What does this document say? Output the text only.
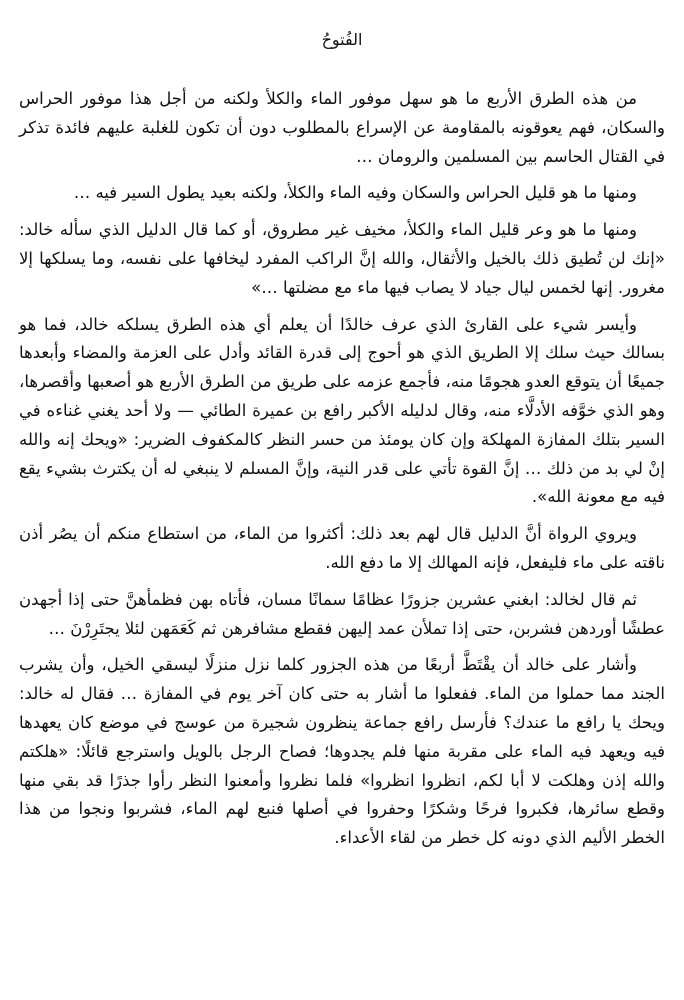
الفُتوحُ

من هذه الطرق الأربع ما هو سهل موفور الماء والكلأ ولكنه من أجل هذا موفور الحراس والسكان، فهم يعوقونه بالمقاومة عن الإسراع بالمطلوب دون أن تكون للغلبة عليهم فائدة تذكر في القتال الحاسم بين المسلمين والرومان …

ومنها ما هو قليل الحراس والسكان وفيه الماء والكلأ، ولكنه بعيد يطول السير فيه …

ومنها ما هو وعر قليل الماء والكلأ، مخيف غير مطروق، أو كما قال الدليل الذي سأله خالد: «إنك لن تُطيق ذلك بالخيل والأثقال، والله إنَّ الراكب المفرد ليخافها على نفسه، وما يسلكها إلا مغرور. إنها لخمس ليال جياد لا يصاب فيها ماء مع مضلتها …»

وأيسر شيء على القارئ الذي عرف خالدًا أن يعلم أي هذه الطرق يسلكه خالد، فما هو بسالك حيث سلك إلا الطريق الذي هو أحوج إلى قدرة القائد وأدل على العزمة والمضاء وأبعدها جميعًا أن يتوقع العدو هجومًا منه، فأجمع عزمه على طريق من الطرق الأربع هو أصعبها وأقصرها، وهو الذي خوَّفه الأدلَّاء منه، وقال لدليله الأكبر رافع بن عميرة الطائي — ولا أحد يغني غناءه في السير بتلك المفازة المهلكة وإن كان يومئذ من حسر النظر كالمكفوف الضرير: «ويحك إنه والله إنْ لي بد من ذلك … إنَّ القوة تأتي على قدر النية، وإنَّ المسلم لا ينبغي له أن يكترث بشيء يقع فيه مع معونة الله».

ويروي الرواة أنَّ الدليل قال لهم بعد ذلك: أكثروا من الماء، من استطاع منكم أن يصُر أذن ناقته على ماء فليفعل، فإنه المهالك إلا ما دفع الله.

ثم قال لخالد: ابغني عشرين جزورًا عظامًا سمانًا مسان، فأتاه بهن فظمأهنَّ حتى إذا أجهدن عطشًا أوردهن فشربن، حتى إذا تملأن عمد إليهن فقطع مشافرهن ثم كَعَمَهن لئلا يجتَرِرْنَ …

وأشار على خالد أن يقْتَطَّ أربعًا من هذه الجزور كلما نزل منزلًا ليسقي الخيل، وأن يشرب الجند مما حملوا من الماء. ففعلوا ما أشار به حتى كان آخر يوم في المفازة … فقال له خالد: ويحك يا رافع ما عندك؟ فأرسل رافع جماعة ينظرون شجيرة من عوسج في موضع كان يعهدها فيه ويعهد فيه الماء على مقربة منها فلم يجدوها؛ فصاح الرجل بالويل واسترجع قائلًا: «هلكتم والله إذن وهلكت لا أبا لكم، انظروا انظروا» فلما نظروا وأمعنوا النظر رأوا جذرًا قد بقي منها وقطع سائرها، فكبروا فرحًا وشكرًا وحفروا في أصلها فنبع لهم الماء، فشربوا ونجوا من هذا الخطر الأليم الذي دونه كل خطر من لقاء الأعداء.
